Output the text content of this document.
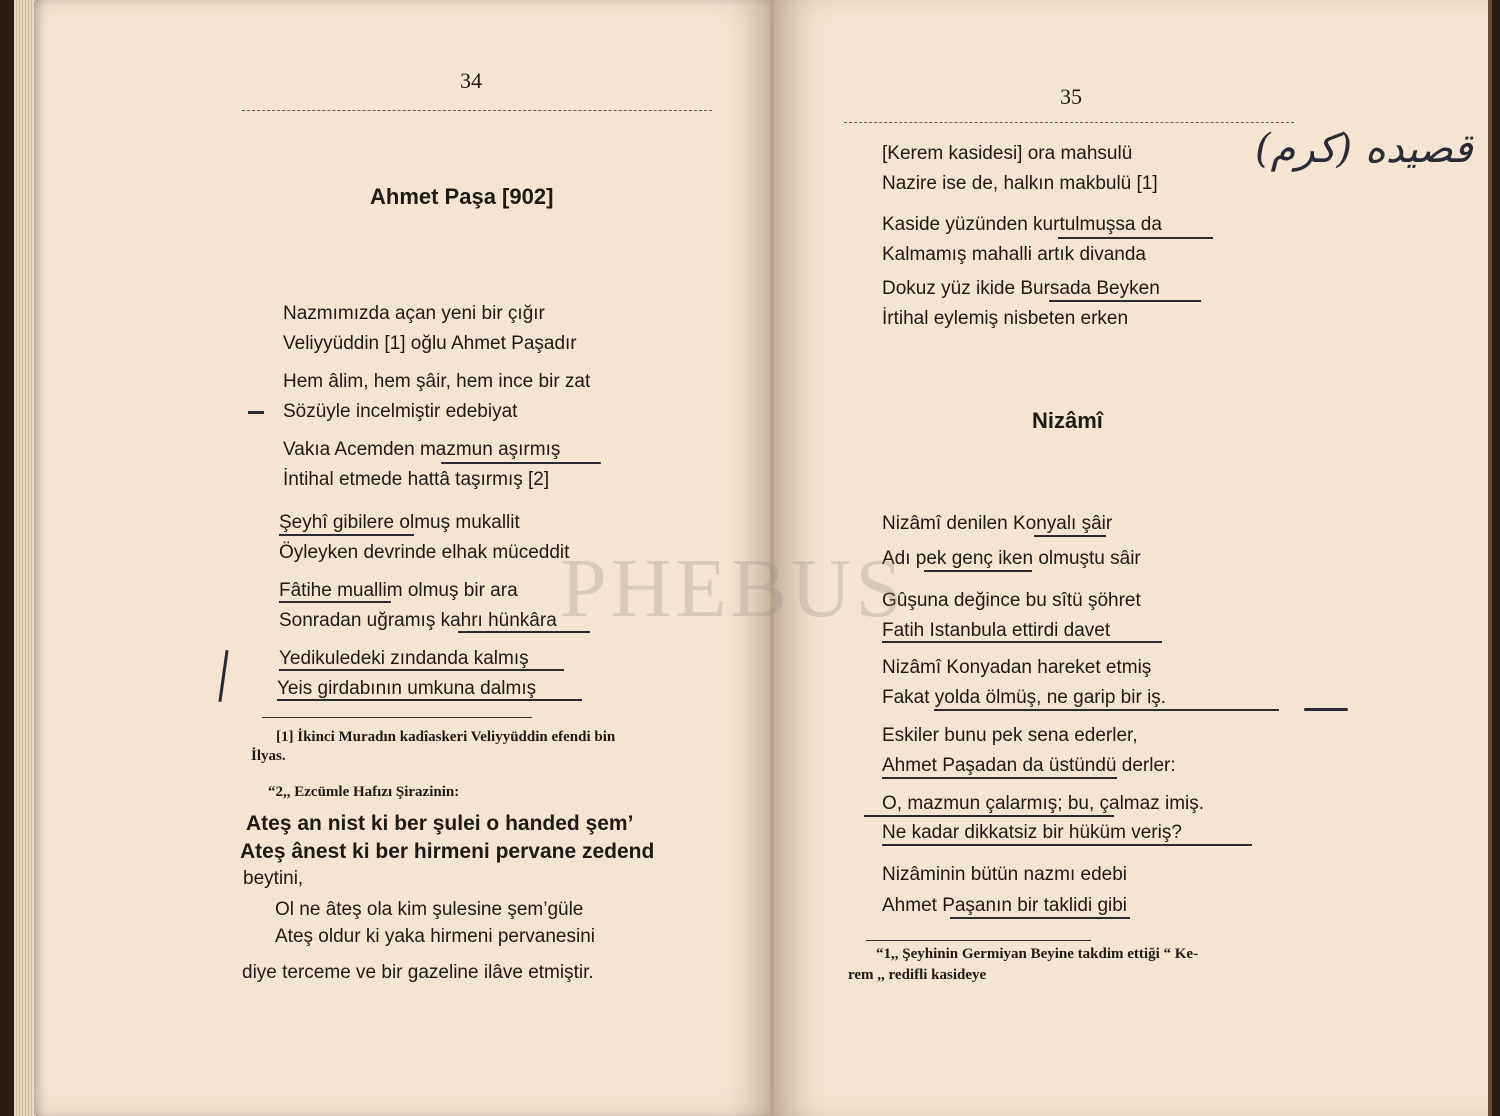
34
Ahmet Paşa [902]
Nazmımızda açan yeni bir çığır
Veliyyüddin [1] oğlu Ahmet Paşadır
Hem âlim, hem şâir, hem ince bir zat
Sözüyle incelmiştir edebiyat
Vakıa Acemden mazmun aşırmış
İntihal etmede hattâ taşırmış [2]
Şeyhî gibilere olmuş mukallit
Öyleyken devrinde elhak müceddit
Fâtihe muallim olmuş bir ara
Sonradan uğramış kahrı hünkâra
Yedikuledeki zındanda kalmış
Yeis girdabının umkuna dalmış
[1] İkinci Muradın kadîaskeri Veliyyüddin efendi bin
İlyas.
“2,, Ezcümle Hafızı Şirazinin:
Ateş an nist ki ber şulei o handed şem’
Ateş ânest ki ber hirmeni pervane zedend
beytini,
Ol ne âteş ola kim şulesine şem’güle
Ateş oldur ki yaka hirmeni pervanesini
diye terceme ve bir gazeline ilâve etmiştir.
35
[Kerem kasidesi] ora mahsulü
Nazire ise de, halkın makbulü [1]
Kaside yüzünden kurtulmuşsa da
Kalmamış mahalli artık divanda
Dokuz yüz ikide Bursada Beyken
İrtihal eylemiş nisbeten erken
Nizâmî
Nizâmî denilen Konyalı şâir
Adı pek genç iken olmuştu sâir
Gûşuna değince bu sîtü şöhret
Fatih Istanbula ettirdi davet
Nizâmî Konyadan hareket etmiş
Fakat yolda ölmüş, ne garip bir iş.
Eskiler bunu pek sena ederler,
Ahmet Paşadan da üstündü derler:
O, mazmun çalarmış; bu, çalmaz imiş.
Ne kadar dikkatsiz bir hüküm veriş?
Nizâminin bütün nazmı edebi
Ahmet Paşanın bir taklidi gibi
“1,, Şeyhinin Germiyan Beyine takdim ettiği “ Ke-
rem ,, redifli kasideye
(کرم) قصیده
PHEBUS
